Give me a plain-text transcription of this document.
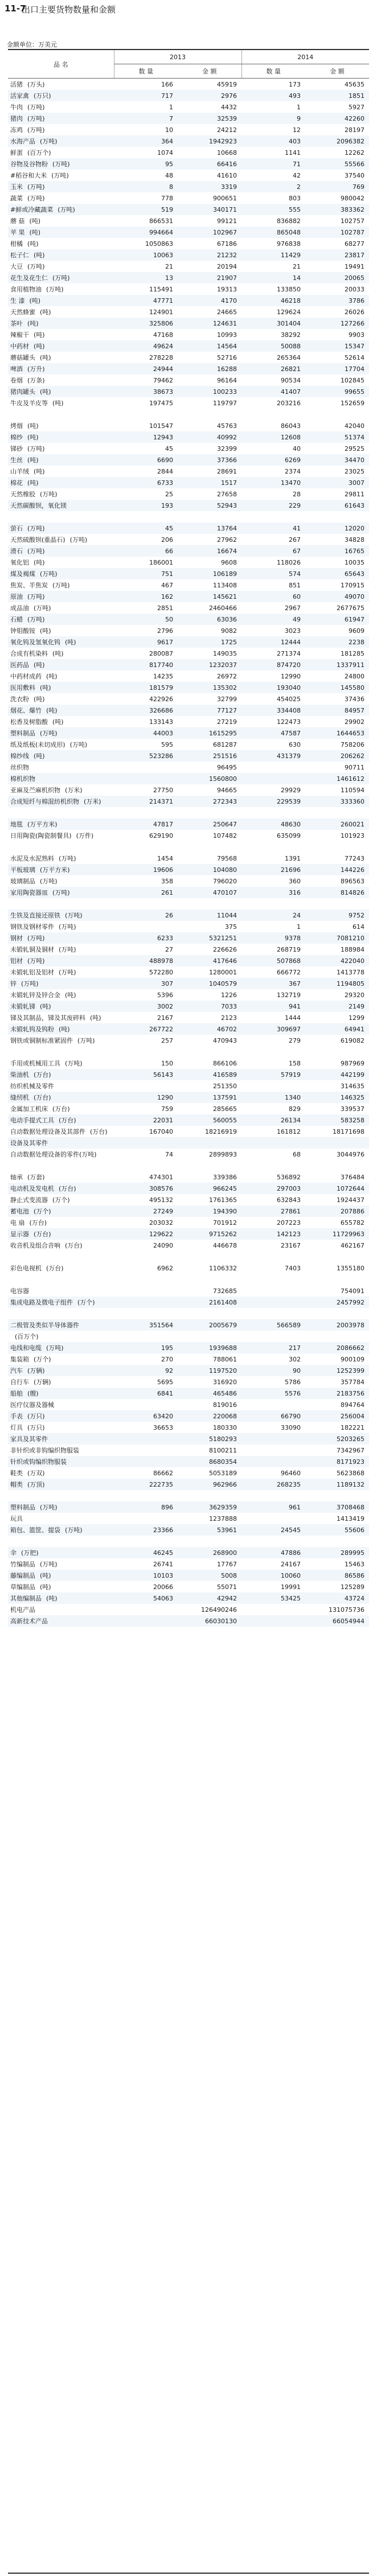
11-7
出口主要货物数量和金额
金额单位：万美元
品 名	2013		2014	
	数 量	金 额	数 量	金 额
活猪 (万头)	166	45919	173	45635
活家禽 (万只)	717	2976	493	1851
牛肉 (万吨)	1	4432	1	5927
猪肉 (万吨)	7	32539	9	42260
冻鸡 (万吨)	10	24212	12	28197
水海产品 (万吨)	364	1942923	403	2096382
鲜蛋 (百万个)	1074	10668	1141	12262
谷物及谷物粉 (万吨)	95	66416	71	55566
#稻谷和大米 (万吨)	48	41610	42	37540
玉米 (万吨)	8	3319	2	769
蔬菜 (万吨)	778	900651	803	980042
#鲜或冷藏蔬菜 (万吨)	519	340171	555	383362
蘑 菇 (吨)	866531	99121	836882	102757
苹 果 (吨)	994664	102967	865048	102787
柑橘 (吨)	1050863	67186	976838	68277
松子仁 (吨)	10063	21232	11429	23817
大豆 (万吨)	21	20194	21	19491
花生及花生仁 (万吨)	13	21907	14	20065
食用植物油 (万吨)	115491	19313	133850	20033
生 漆 (吨)	47771	4170	46218	3786
天然蜂蜜 (吨)	124901	24665	129624	26026
茶叶 (吨)	325806	124631	301404	127266
辣椒干 (吨)	47168	10993	38292	9903
中药材 (吨)	49624	14564	50088	15347
蘑菇罐头 (吨)	278228	52716	265364	52614
啤酒 (万升)	24944	16288	26821	17704
卷烟 (万条)	79462	96164	90534	102845
猪肉罐头 (吨)	38673	100233	41407	99655
牛皮及羊皮等 (吨)	197475	119797	203216	152659

烤烟 (吨)	101547	45763	86043	42040
棉纱 (吨)	12943	40992	12608	51374
锑砂 (万吨)	45	32399	40	29525
生丝 (吨)	6690	37366	6269	34470
山羊绒 (吨)	2844	28691	2374	23025
棉花 (吨)	6733	1517	13470	3007
天然橡胶 (万吨)	25	27658	28	29811
天然碳酸钡，氧化镁	193	52943	229	61643

萤石 (万吨)	45	13764	41	12020
天然硫酸钡(重晶石) (万吨)	206	27962	267	34828
滑石 (万吨)	66	16674	67	16765
氧化铝 (吨)	186001	9608	118026	10035
煤及褐煤 (万吨)	751	106189	574	65643
焦炭、半焦炭 (万吨)	467	113408	851	170915
原油 (万吨)	162	145621	60	49070
成品油 (万吨)	2851	2460466	2967	2677675
石蜡 (万吨)	50	63036	49	61947
钟钼酸铵 (吨)	2796	9082	3023	9609
氧化钨及氢氧化钨 (吨)	9617	1725	12444	2238
合成有机染料 (吨)	280087	149035	271374	181285
医药品 (吨)	817740	1232037	874720	1337911
中药材成药 (吨)	14235	26972	12990	24800
医用敷料 (吨)	181579	135302	193040	145580
洗衣粉 (吨)	422926	32799	454025	37436
烟花、爆竹 (吨)	326686	77127	334408	84957
松香及树脂酸 (吨)	133143	27219	122473	29902
塑料制品 (万吨)	44003	1615295	47587	1644653
纸及纸板(未切成形) (万吨)	595	681287	630	758206
棉纱线 (吨)	523286	251516	431379	206262
丝织物		96495		90711
棉机织物		1560800		1461612
亚麻及苎麻机织物 (万米)	27750	94665	29929	110594
合成短纤与棉混纺机织物 (万米)	214371	272343	229539	333360

地毯 (万平方米)	47817	250647	48630	260021
日用陶瓷(陶瓷制餐具) (万件)	629190	107482	635099	101923

水泥及水泥熟料 (万吨)	1454	79568	1391	77243
平板玻璃 (万平方米)	19606	104080	21696	144226
玻璃制品 (万吨)	358	796020	360	896563
家用陶瓷器皿 (万吨)	261	470107	316	814826

生铁及直接还原铁 (万吨)	26	11044	24	9752
钢铁及钢材零件 (万吨)		375	1	614
钢材 (万吨)	6233	5321251	9378	7081210
未锻轧铜及铜材 (万吨)	27	226626	268719	188984
铝材 (万吨)	488978	417646	507868	422040
未锻轧铝及铝材 (万吨)	572280	1280001	666772	1413778
锌 (万吨)	307	1040579	367	1194805
未锻轧锌及锌合金 (吨)	5396	1226	132719	29320
未锻轧锑 (吨)	3002	7033	941	2149
锑及其制品，锑及其废碎料 (吨)	2167	2123	1444	1299
未锻轧钨及钨粉 (吨)	267722	46702	309697	64941
钢铁或铜制标准紧固件 (万吨)	257	470943	279	619082

手用或机械用工具 (万吨)	150	866106	158	987969
柴油机 (万台)	56143	416589	57919	442199
纺织机械及零件		251350		314635
缝纫机 (万台)	1290	137591	1340	146325
金属加工机床 (万台)	759	285665	829	339537
电动手提式工具 (万台)	22031	560055	26134	583258
自动数据处理设备及其部件 (万台)	167040	18216919	161812	18171698
设备及其零件				
自动数据处理设备的零件(万吨)	74	2899893	68	3044976

轴承 (万套)	474301	339386	536892	376484
电动机及发电机 (万台)	308576	966245	297003	1072644
静止式变流器 (万个)	495132	1761365	632843	1924437
蓄电池 (万个)	27249	194390	27861	207886
电 扇 (万台)	203032	701912	207223	655782
显示器 (万台)	129622	9715262	142123	11729963
收音机及组合音响 (万台)	24090	446678	23167	462167

彩色电视机 (万台)	6962	1106332	7403	1355180

电容器		732685		754091
集成电路及微电子组件 (万个)		2161408		2457992

二极管及类似半导体器件	351564	2005679	566589	2003978
(百万个)				
电线和电缆 (万吨)	195	1939688	217	2086662
集装箱 (万个)	270	788061	302	900109
汽车 (万辆)	92	1197520	90	1252399
自行车 (万辆)	5695	316920	5786	357784
船舶 (艘)	6841	465486	5576	2183756
医疗仪器及器械		819016		894764
手表 (万只)	63420	220068	66790	256004
灯具 (万只)	36653	180330	33090	182221
家具及其零件		5180293		5203265
非针织或非钩编织物服装		8100211		7342967
针织或钩编织物服装		8680354		8171923
鞋类 (万双)	86662	5053189	96460	5623868
帽类 (万顶)	222735	962966	268235	1189132

塑料制品 (万吨)	896	3629359	961	3708468
玩具		1237888		1413419
箱包、篮筐、提袋 (万吨)	23366	53961	24545	55606

伞 (万把)	46245	268900	47886	289995
竹编制品 (万吨)	26741	17767	24167	15463
藤编制品 (吨)	10103	5008	10060	86586
草编制品 (吨)	20066	55071	19991	125289
其他编制品 (吨)	54063	42942	53425	43724
机电产品		126490246		131075736
高新技术产品		66030130		66054944
